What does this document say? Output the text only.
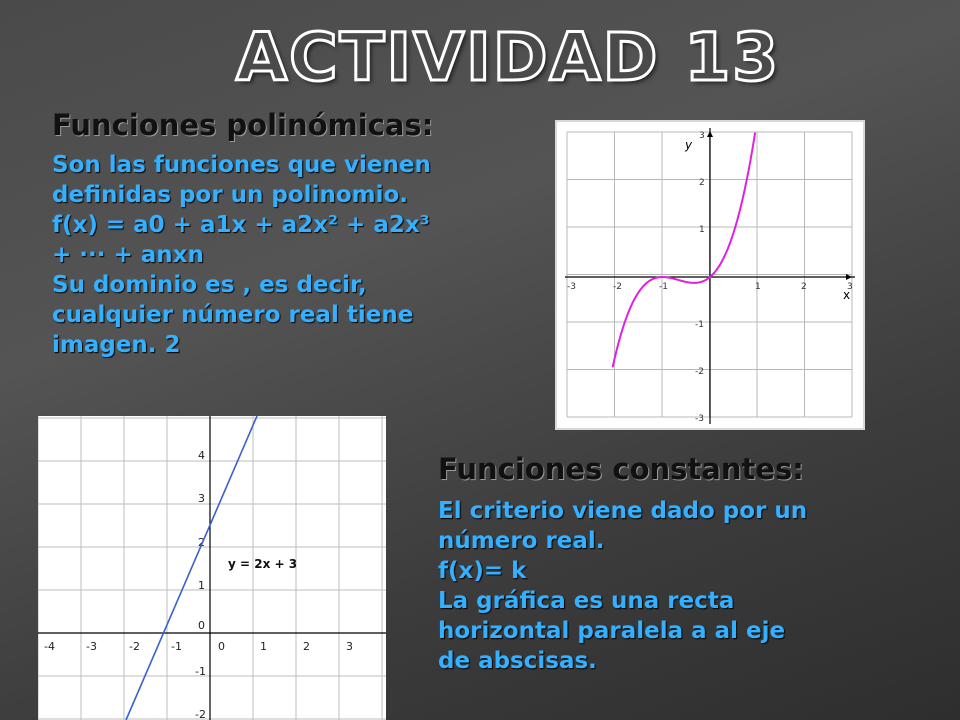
ACTIVIDAD 13
Funciones polinómicas:
Son las funciones que vienen
definidas por un polinomio.
f(x) = a0 + a1x + a2x² + a2x³
+ ··· + anxn
Su dominio es , es decir,
cualquier número real tiene
imagen. 2
Funciones constantes:
El criterio viene dado por un
número real.
f(x)= k
La gráfica es una recta
horizontal paralela a al eje
de abscisas.
-3	-2	-1	1	2	3
3
2
1
-1
-2
-3
y
x
-4	-3	-2	-1	0	1	2	3
4
3
2
1
0
-1
-2
y = 2x + 3
